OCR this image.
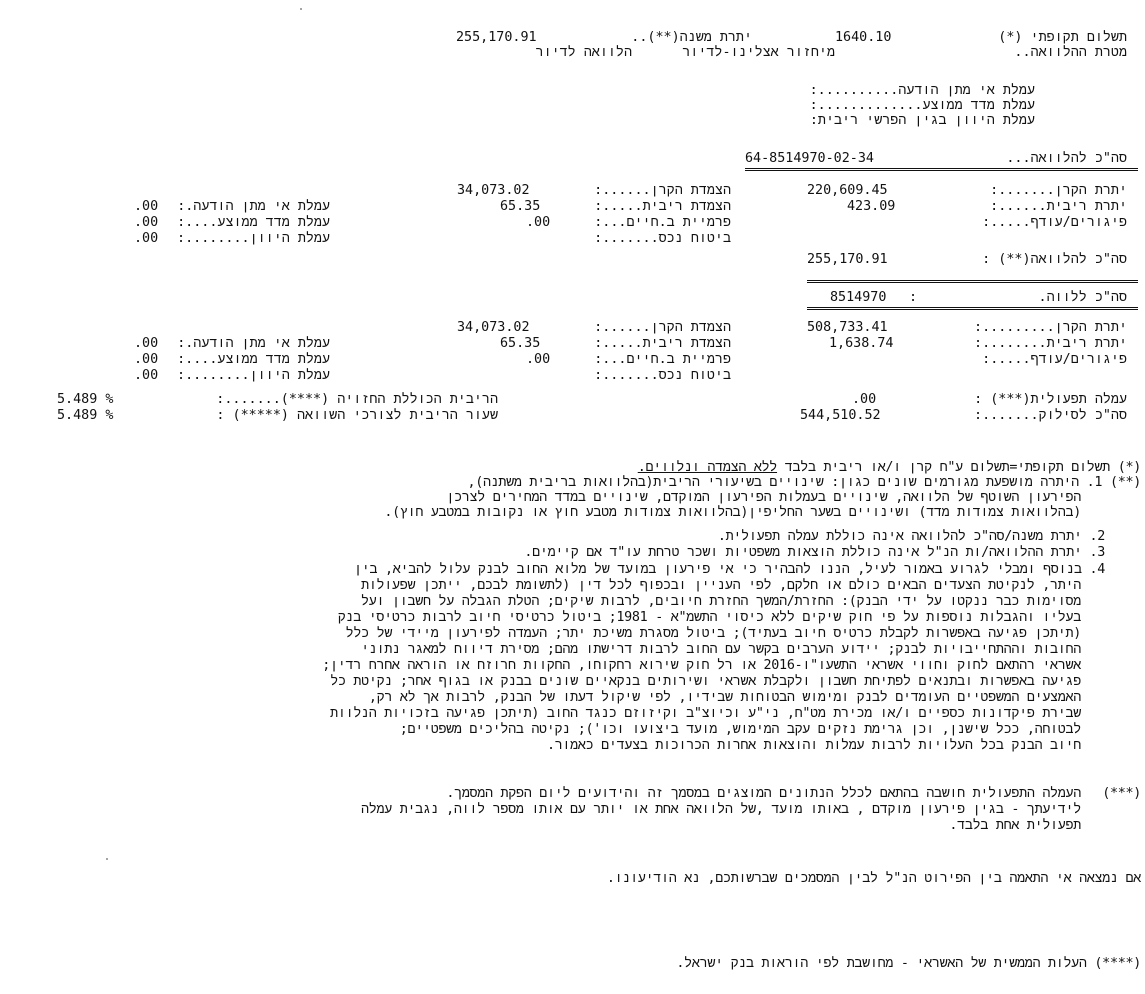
תשלום תקופתי (*)
1640.10
יתרת משנה(**)..
255,170.91
מטרת ההלוואה..
מיחזור אצלינו-לדיור
הלוואה לדיור
עמלת אי מתן הודעה..........:
עמלת מדד ממוצע.............:
עמלת היוון בגין הפרשי ריבית:
סה"כ להלוואה...
64-8514970-02-34
יתרת הקרן.......:
220,609.45
יתרת ריבית......:
423.09
פיגורים/עודף.....:
הצמדת הקרן......:
34,073.02
הצמדת ריבית.....:
65.35
פרמיית ב.חיים...:
.00
ביטוח נכס.......:
עמלת אי מתן הודעה.:
.00
עמלת מדד ממוצע....:
.00
עמלת היוון........:
.00
סה"כ להלוואה(**) :
255,170.91
סה"כ ללווה.
:
8514970
יתרת הקרן.........:
508,733.41
יתרת ריבית........:
1,638.74
פיגורים/עודף.....:
הצמדת הקרן......:
34,073.02
הצמדת ריבית.....:
65.35
פרמיית ב.חיים...:
.00
ביטוח נכס.......:
עמלת אי מתן הודעה.:
.00
עמלת מדד ממוצע....:
.00
עמלת היוון........:
.00
עמלה תפעולית(***) :
.00
סה"כ לסילוק.......:
544,510.52
הריבית הכוללת החזויה (****).......:
5.489 %
שעור הריבית לצורכי השוואה (*****) :
5.489 %
(*) תשלום תקופתי=תשלום ע"ח קרן ו/או ריבית בלבד ללא הצמדה ונלווים.
(**) 1. היתרה מושפעת מגורמים שונים כגון: שינויים בשיעורי הריבית(בהלוואות בריבית משתנה),
הפירעון השוטף של הלוואה, שינויים בעמלות הפירעון המוקדם, שינויים במדד המחירים לצרכן
(בהלוואות צמודות מדד) ושינויים בשער החליפין(בהלוואות צמודות מטבע חוץ או נקובות במטבע חוץ).
2. יתרת משנה/סה"כ להלוואה אינה כוללת עמלה תפעולית.
3. יתרת ההלוואה/ות הנ"ל אינה כוללת הוצאות משפטיות ושכר טרחת עו"ד אם קיימים.
4. בנוסף ומבלי לגרוע באמור לעיל, הננו להבהיר כי אי פירעון במועד של מלוא החוב לבנק עלול להביא, בין
היתר, לנקיטת הצעדים הבאים כולם או חלקם, לפי העניין ובכפוף לכל דין (לתשומת לבכם, ייתכן שפעולות
מסוימות כבר ננקטו על ידי הבנק): החזרת/המשך החזרת חיובים, לרבות שיקים; הטלת הגבלה על חשבון ועל
בעליו והגבלות נוספות על פי חוק שיקים ללא כיסוי התשמ"א - 1981; ביטול כרטיסי חיוב לרבות כרטיסי בנק
(תיתכן פגיעה באפשרות לקבלת כרטיס חיוב בעתיד); ביטול מסגרת משיכת יתר; העמדה לפירעון מיידי של כלל
החובות וההתחייבויות לבנק; יידוע הערבים בקשר עם החוב לרבות דרישתו מהם; מסירת דיווח למאגר נתוני
אשראי רהתאם לחוק וחווי אשראי התשעו"ו-2016 או רל חוק שירוא רחקוחו, החקוות חרוזח או הוראה אחרח רדין;
פגיעה באפשרות ובתנאים לפתיחת חשבון ולקבלת אשראי ושירותים בנקאיים שונים בבנק או בגוף אחר; נקיטת כל
האמצעים המשפטיים העומדים לבנק ומימוש הבטוחות שבידיו, לפי שיקול דעתו של הבנק, לרבות אך לא רק,
שבירת פיקדונות כספיים ו/או מכירת מט"ח, ני"ע וכיוצ"ב וקיזוזם כנגד החוב (תיתכן פגיעה בזכויות הנלוות
לבטוחה, ככל שישנן, וכן גרימת נזקים עקב המימוש, מועד ביצועו וכו'); נקיטה בהליכים משפטיים;
חיוב הבנק בכל העלויות לרבות עמלות והוצאות אחרות הכרוכות בצעדים כאמור.
(***)
העמלה התפעולית חושבה בהתאם לכלל הנתונים המוצגים במסמך זה והידועים ליום הפקת המסמך.
לידיעתך - בגין פירעון מוקדם , באותו מועד ,של הלוואה אחת או יותר עם אותו מספר לווה, נגבית עמלה
תפעולית אחת בלבד.
אם נמצאה אי התאמה בין הפירוט הנ"ל לבין המסמכים שברשותכם, נא הודיעונו.
(****) העלות הממשית של האשראי - מחושבת לפי הוראות בנק ישראל.
